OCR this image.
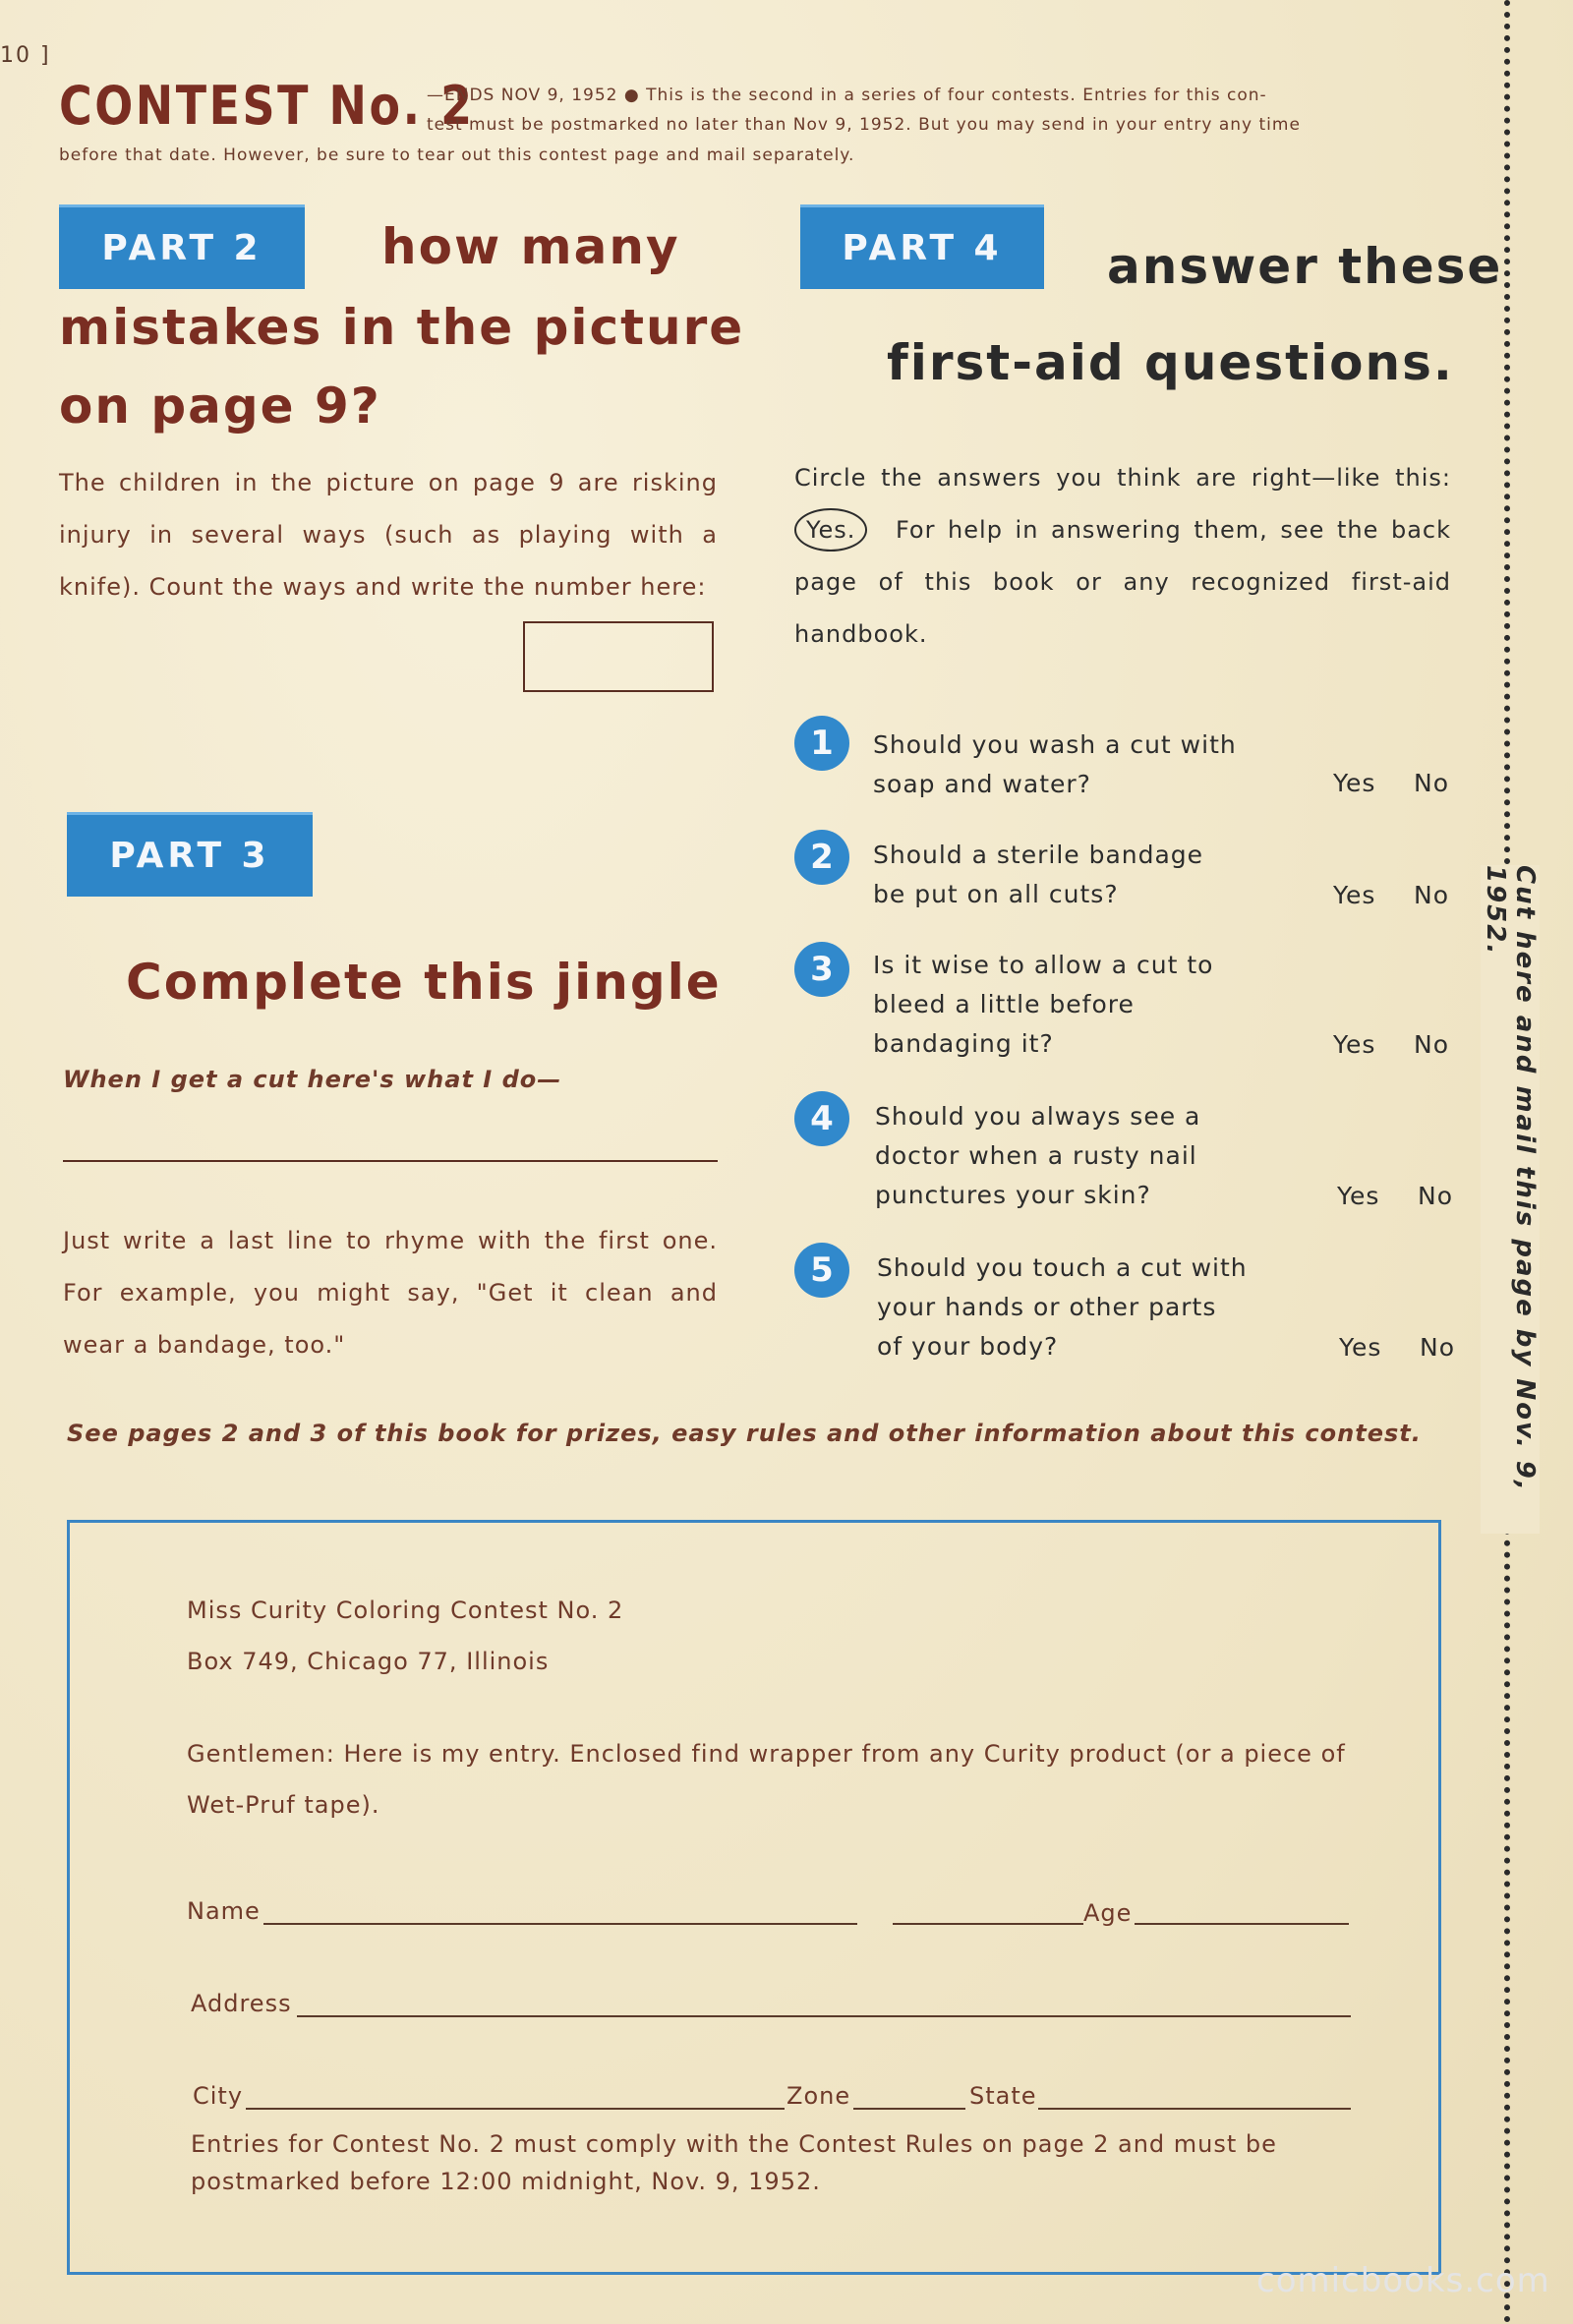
10 ]
CONTEST No. 2
—ENDS NOV 9, 1952 ● This is the second in a series of four contests. Entries for this con-
test must be postmarked no later than Nov 9, 1952. But you may send in your entry any time
before that date. However, be sure to tear out this contest page and mail separately.
PART 2	how many
mistakes in the picture
on page 9?
The children in the picture on page 9 are risking injury in several ways (such as playing with a knife). Count the ways and write the number here:
PART 3
Complete this jingle
When I get a cut here's what I do—
Just write a last line to rhyme with the first one. For example, you might say, "Get it clean and wear a bandage, too."
PART 4	answer these
first-aid questions.
Circle the answers you think are right—like this: Yes. For help in answering them, see the back page of this book or any recognized first-aid handbook.
1	Should you wash a cut with
soap and water?	Yes No
2	Should a sterile bandage
be put on all cuts?	Yes No
3	Is it wise to allow a cut to
bleed a little before
bandaging it?	Yes No
4	Should you always see a
doctor when a rusty nail
punctures your skin?	Yes No
5	Should you touch a cut with
your hands or other parts
of your body?	Yes No
See pages 2 and 3 of this book for prizes, easy rules and other information about this contest.
Miss Curity Coloring Contest No. 2
Box 749, Chicago 77, Illinois
Gentlemen: Here is my entry. Enclosed find wrapper from any Curity product (or a piece of Wet-Pruf tape).
Name	Age
Address
City	Zone	State
Entries for Contest No. 2 must comply with the Contest Rules on page 2 and must be postmarked before 12:00 midnight, Nov. 9, 1952.
Cut here and mail this page by Nov. 9, 1952.
comicbooks.com
